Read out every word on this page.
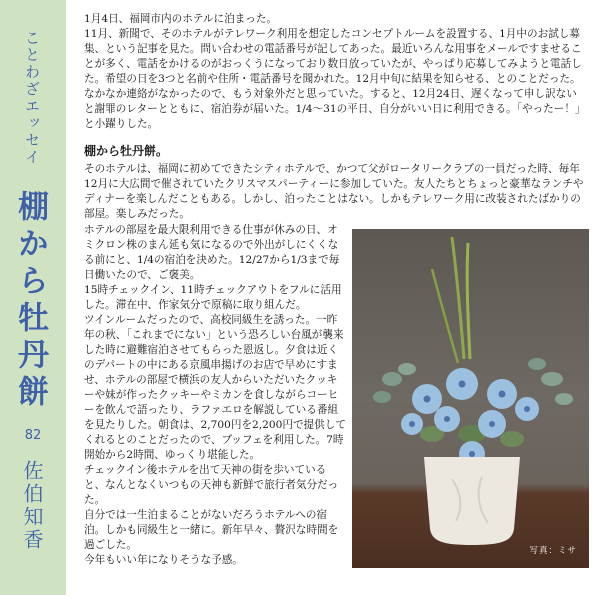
ことわざエッセイ
棚から牡丹餅
82
佐伯知香

1月4日、福岡市内のホテルに泊まった。

11月、新聞で、そのホテルがテレワーク利用を想定したコンセプトルームを設置する、1月中のお試し募集、という記事を見た。問い合わせの電話番号が記してあった。最近いろんな用事をメールですませることが多く、電話をかけるのがおっくうになっており数日放っていたが、やっぱり応募してみようと電話した。希望の日を3つと名前や住所・電話番号を聞かれた。12月中旬に結果を知らせる、とのことだった。なかなか連絡がなかったので、もう対象外だと思っていた。すると、12月24日、遅くなって申し訳ないと謝罪のレターとともに、宿泊券が届いた。1/4～31の平日、自分がいい日に利用できる。「やったー！」と小躍りした。

棚から牡丹餅。

そのホテルは、福岡に初めてできたシティホテルで、かつて父がロータリークラブの一員だった時、毎年12月に大広間で催されていたクリスマスパーティーに参加していた。友人たちとちょっと豪華なランチやディナーを楽しんだこともある。しかし、泊ったことはない。しかもテレワーク用に改装されたばかりの部屋。楽しみだった。

ホテルの部屋を最大限利用できる仕事が休みの日、オミクロン株のまん延も気になるので外出がしにくくなる前にと、1/4の宿泊を決めた。12/27から1/3まで毎日働いたので、ご褒美。

15時チェックイン、11時チェックアウトをフルに活用した。滞在中、作家気分で原稿に取り組んだ。

ツインルームだったので、高校同級生を誘った。一昨年の秋、「これまでにない」という恐ろしい台風が襲来した時に避難宿泊させてもらった恩返し。夕食は近くのデパートの中にある京風串揚げのお店で早めにすませ、ホテルの部屋で横浜の友人からいただいたクッキーや妹が作ったクッキーやミカンを食しながらコーヒーを飲んで語ったり、ラファエロを解説している番組を見たりした。朝食は、2,700円を2,200円で提供してくれるとのことだったので、ブッフェを利用した。7時開始から2時間、ゆっくり堪能した。

チェックイン後ホテルを出て天神の街を歩いていると、なんとなくいつもの天神も新鮮で旅行者気分だった。

自分では一生泊まることがないだろうホテルへの宿泊。しかも同級生と一緒に。新年早々、贅沢な時間を過ごした。

今年もいい年になりそうな予感。

写真：ミサ
